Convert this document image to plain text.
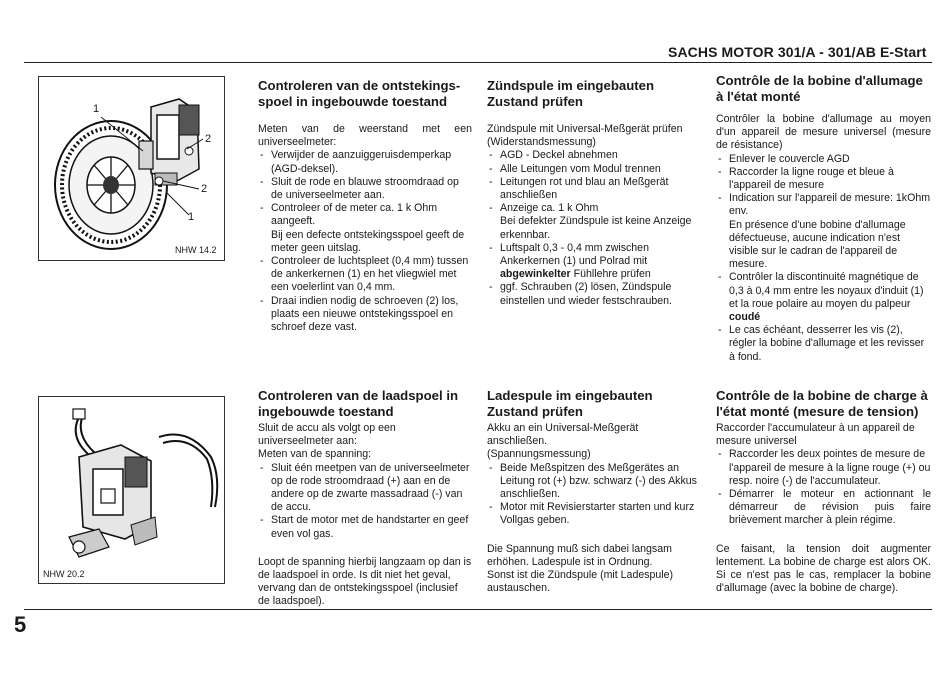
SACHS MOTOR 301/A - 301/AB E-Start
1
2
2
1
NHW 14.2
NHW 20.2
Controleren van de ontstekings-spoel in ingebouwde toestand

Meten van de weerstand met een universeelmeter:

- Verwijder de aanzuiggeruisdemperkap (AGD-deksel).
- Sluit de rode en blauwe stroomdraad op de universeelmeter aan.
- Controleer of de meter ca. 1 k Ohm aangeeft.
Bij een defecte ontstekingsspoel geeft de meter geen uitslag.
- Controleer de luchtspleet (0,4 mm) tussen de ankerkernen (1) en het vliegwiel met een voelerlint van 0,4 mm.
- Draai indien nodig de schroeven (2) los, plaats een nieuwe ontstekingsspoel en schroef deze vast.
Zündspule im eingebauten Zustand prüfen

Zündspule mit Universal-Meßgerät prüfen (Widerstandsmessung)

- AGD - Deckel abnehmen
- Alle Leitungen vom Modul trennen
- Leitungen rot und blau an Meßgerät anschließen
- Anzeige ca. 1 k Ohm
Bei defekter Zündspule ist keine Anzeige erkennbar.
- Luftspalt 0,3 - 0,4 mm zwischen Ankerkernen (1) und Polrad mit abgewinkelter Fühllehre prüfen
- ggf. Schrauben (2) lösen, Zündspule einstellen und wieder festschrauben.
Contrôle de la bobine d'allumage à l'état monté

Contrôler la bobine d'allumage au moyen d'un appareil de mesure universel (mesure de résistance)

- Enlever le couvercle AGD
- Raccorder la ligne rouge et bleue à l'appareil de mesure
- Indication sur l'appareil de mesure: 1kOhm env.
En présence d'une bobine d'allumage défectueuse, aucune indication n'est visible sur le cadran de l'appareil de mesure.
- Contrôler la discontinuité magnétique de 0,3 à 0,4 mm entre les noyaux d'induit (1) et la roue polaire au moyen du palpeur coudé
- Le cas échéant, desserrer les vis (2), régler la bobine d'allumage et les revisser à fond.
Controleren van de laadspoel in ingebouwde toestand

Sluit de accu als volgt op een universeelmeter aan:

Meten van de spanning:

- Sluit één meetpen van de universeelmeter op de rode stroomdraad (+) aan en de andere op de zwarte massadraad (-) van de accu.
- Start de motor met de handstarter en geef even vol gas.

Loopt de spanning hierbij langzaam op dan is de laadspoel in orde. Is dit niet het geval, vervang dan de ontstekingsspoel (inclusief de laadspoel).

Ladespule im eingebauten Zustand prüfen

Akku an ein Universal-Meßgerät anschließen.

(Spannungsmessung)

- Beide Meßspitzen des Meßgerätes an Leitung rot (+) bzw. schwarz (-) des Akkus anschließen.
- Motor mit Revisierstarter starten und kurz Vollgas geben.

Die Spannung muß sich dabei langsam erhöhen. Ladespule ist in Ordnung.

Sonst ist die Zündspule (mit Ladespule) austauschen.

Contrôle de la bobine de charge à l'état monté (mesure de tension)

Raccorder l'accumulateur à un appareil de mesure universel

- Raccorder les deux pointes de mesure de l'appareil de mesure à la ligne rouge (+) ou resp. noire (-) de l'accumulateur.
- Démarrer le moteur en actionnant le démarreur de révision puis faire brièvement marcher à plein régime.

Ce faisant, la tension doit augmenter lentement. La bobine de charge est alors OK. Si ce n'est pas le cas, remplacer la bobine d'allumage (avec la bobine de charge).

5
